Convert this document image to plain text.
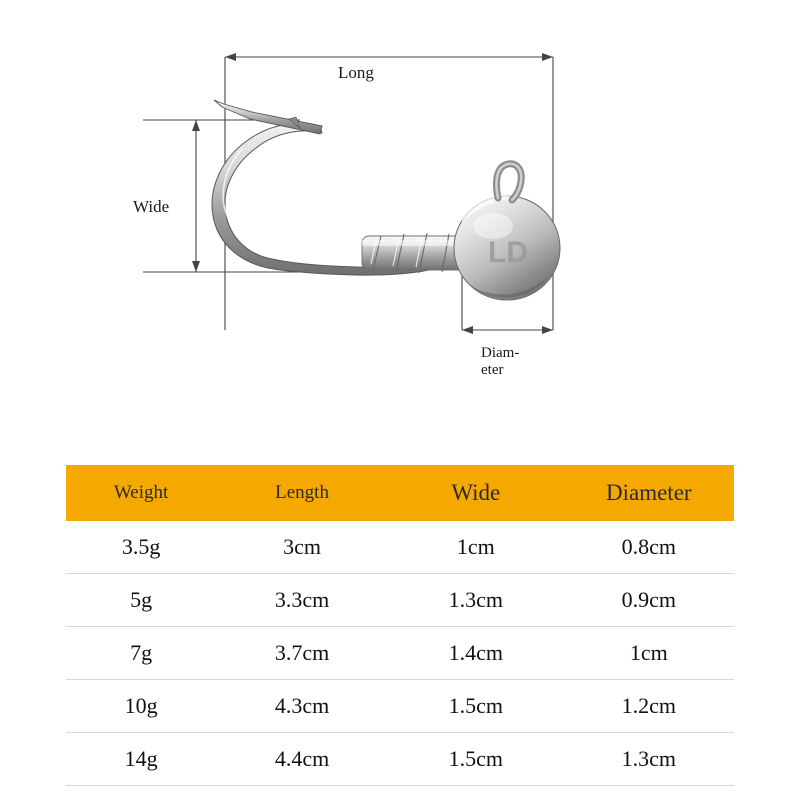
LD
Long
Wide
Diam-
eter
Weight	Length	Wide	Diameter
3.5g	3cm	1cm	0.8cm
5g	3.3cm	1.3cm	0.9cm
7g	3.7cm	1.4cm	1cm
10g	4.3cm	1.5cm	1.2cm
14g	4.4cm	1.5cm	1.3cm
